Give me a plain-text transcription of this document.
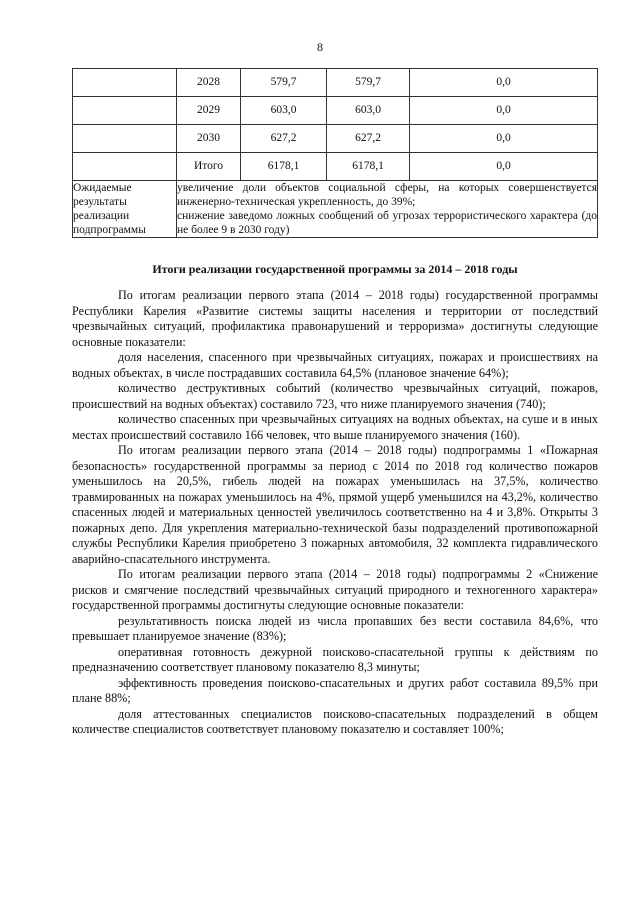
8
	2028	579,7	579,7	0,0
	2029	603,0	603,0	0,0
	2030	627,2	627,2	0,0
	Итого	6178,1	6178,1	0,0
Ожидаемые результаты реализации подпрограммы	увеличение доли объектов социальной сферы, на которых совершенствуется инженерно-техническая укрепленность, до 39%;
снижение заведомо ложных сообщений об угрозах террористического характера (до не более 9 в 2030 году)			
Итоги реализации государственной программы за 2014 – 2018 годы

По итогам реализации первого этапа (2014 – 2018 годы) государственной программы Республики Карелия «Развитие системы защиты населения и территории от последствий чрезвычайных ситуаций, профилактика правонарушений и терроризма» достигнуты следующие основные показатели:

доля населения, спасенного при чрезвычайных ситуациях, пожарах и происшествиях на водных объектах, в числе пострадавших составила 64,5% (плановое значение 64%);

количество деструктивных событий (количество чрезвычайных ситуаций, пожаров, происшествий на водных объектах) составило 723, что ниже планируемого значения (740);

количество спасенных при чрезвычайных ситуациях на водных объектах, на суше и в иных местах происшествий составило 166 человек, что выше планируемого значения (160).

По итогам реализации первого этапа (2014 – 2018 годы) подпрограммы 1 «Пожарная безопасность» государственной программы за период с 2014 по 2018 год количество пожаров уменьшилось на 20,5%, гибель людей на пожарах уменьшилась на 37,5%, количество травмированных на пожарах уменьшилось на 4%, прямой ущерб уменьшился на 43,2%, количество спасенных людей и материальных ценностей увеличилось соответственно на 4 и 3,8%. Открыты 3 пожарных депо. Для укрепления материально-технической базы подразделений противопожарной службы Республики Карелия приобретено 3 пожарных автомобиля, 32 комплекта гидравлического аварийно-спасательного инструмента.

По итогам реализации первого этапа (2014 – 2018 годы) подпрограммы 2 «Снижение рисков и смягчение последствий чрезвычайных ситуаций природного и техногенного характера» государственной программы достигнуты следующие основные показатели:

результативность поиска людей из числа пропавших без вести составила 84,6%, что превышает планируемое значение (83%);

оперативная готовность дежурной поисково-спасательной группы к действиям по предназначению соответствует плановому показателю 8,3 минуты;

эффективность проведения поисково-спасательных и других работ составила 89,5% при плане 88%;

доля аттестованных специалистов поисково-спасательных подразделений в общем количестве специалистов соответствует плановому показателю и составляет 100%;
